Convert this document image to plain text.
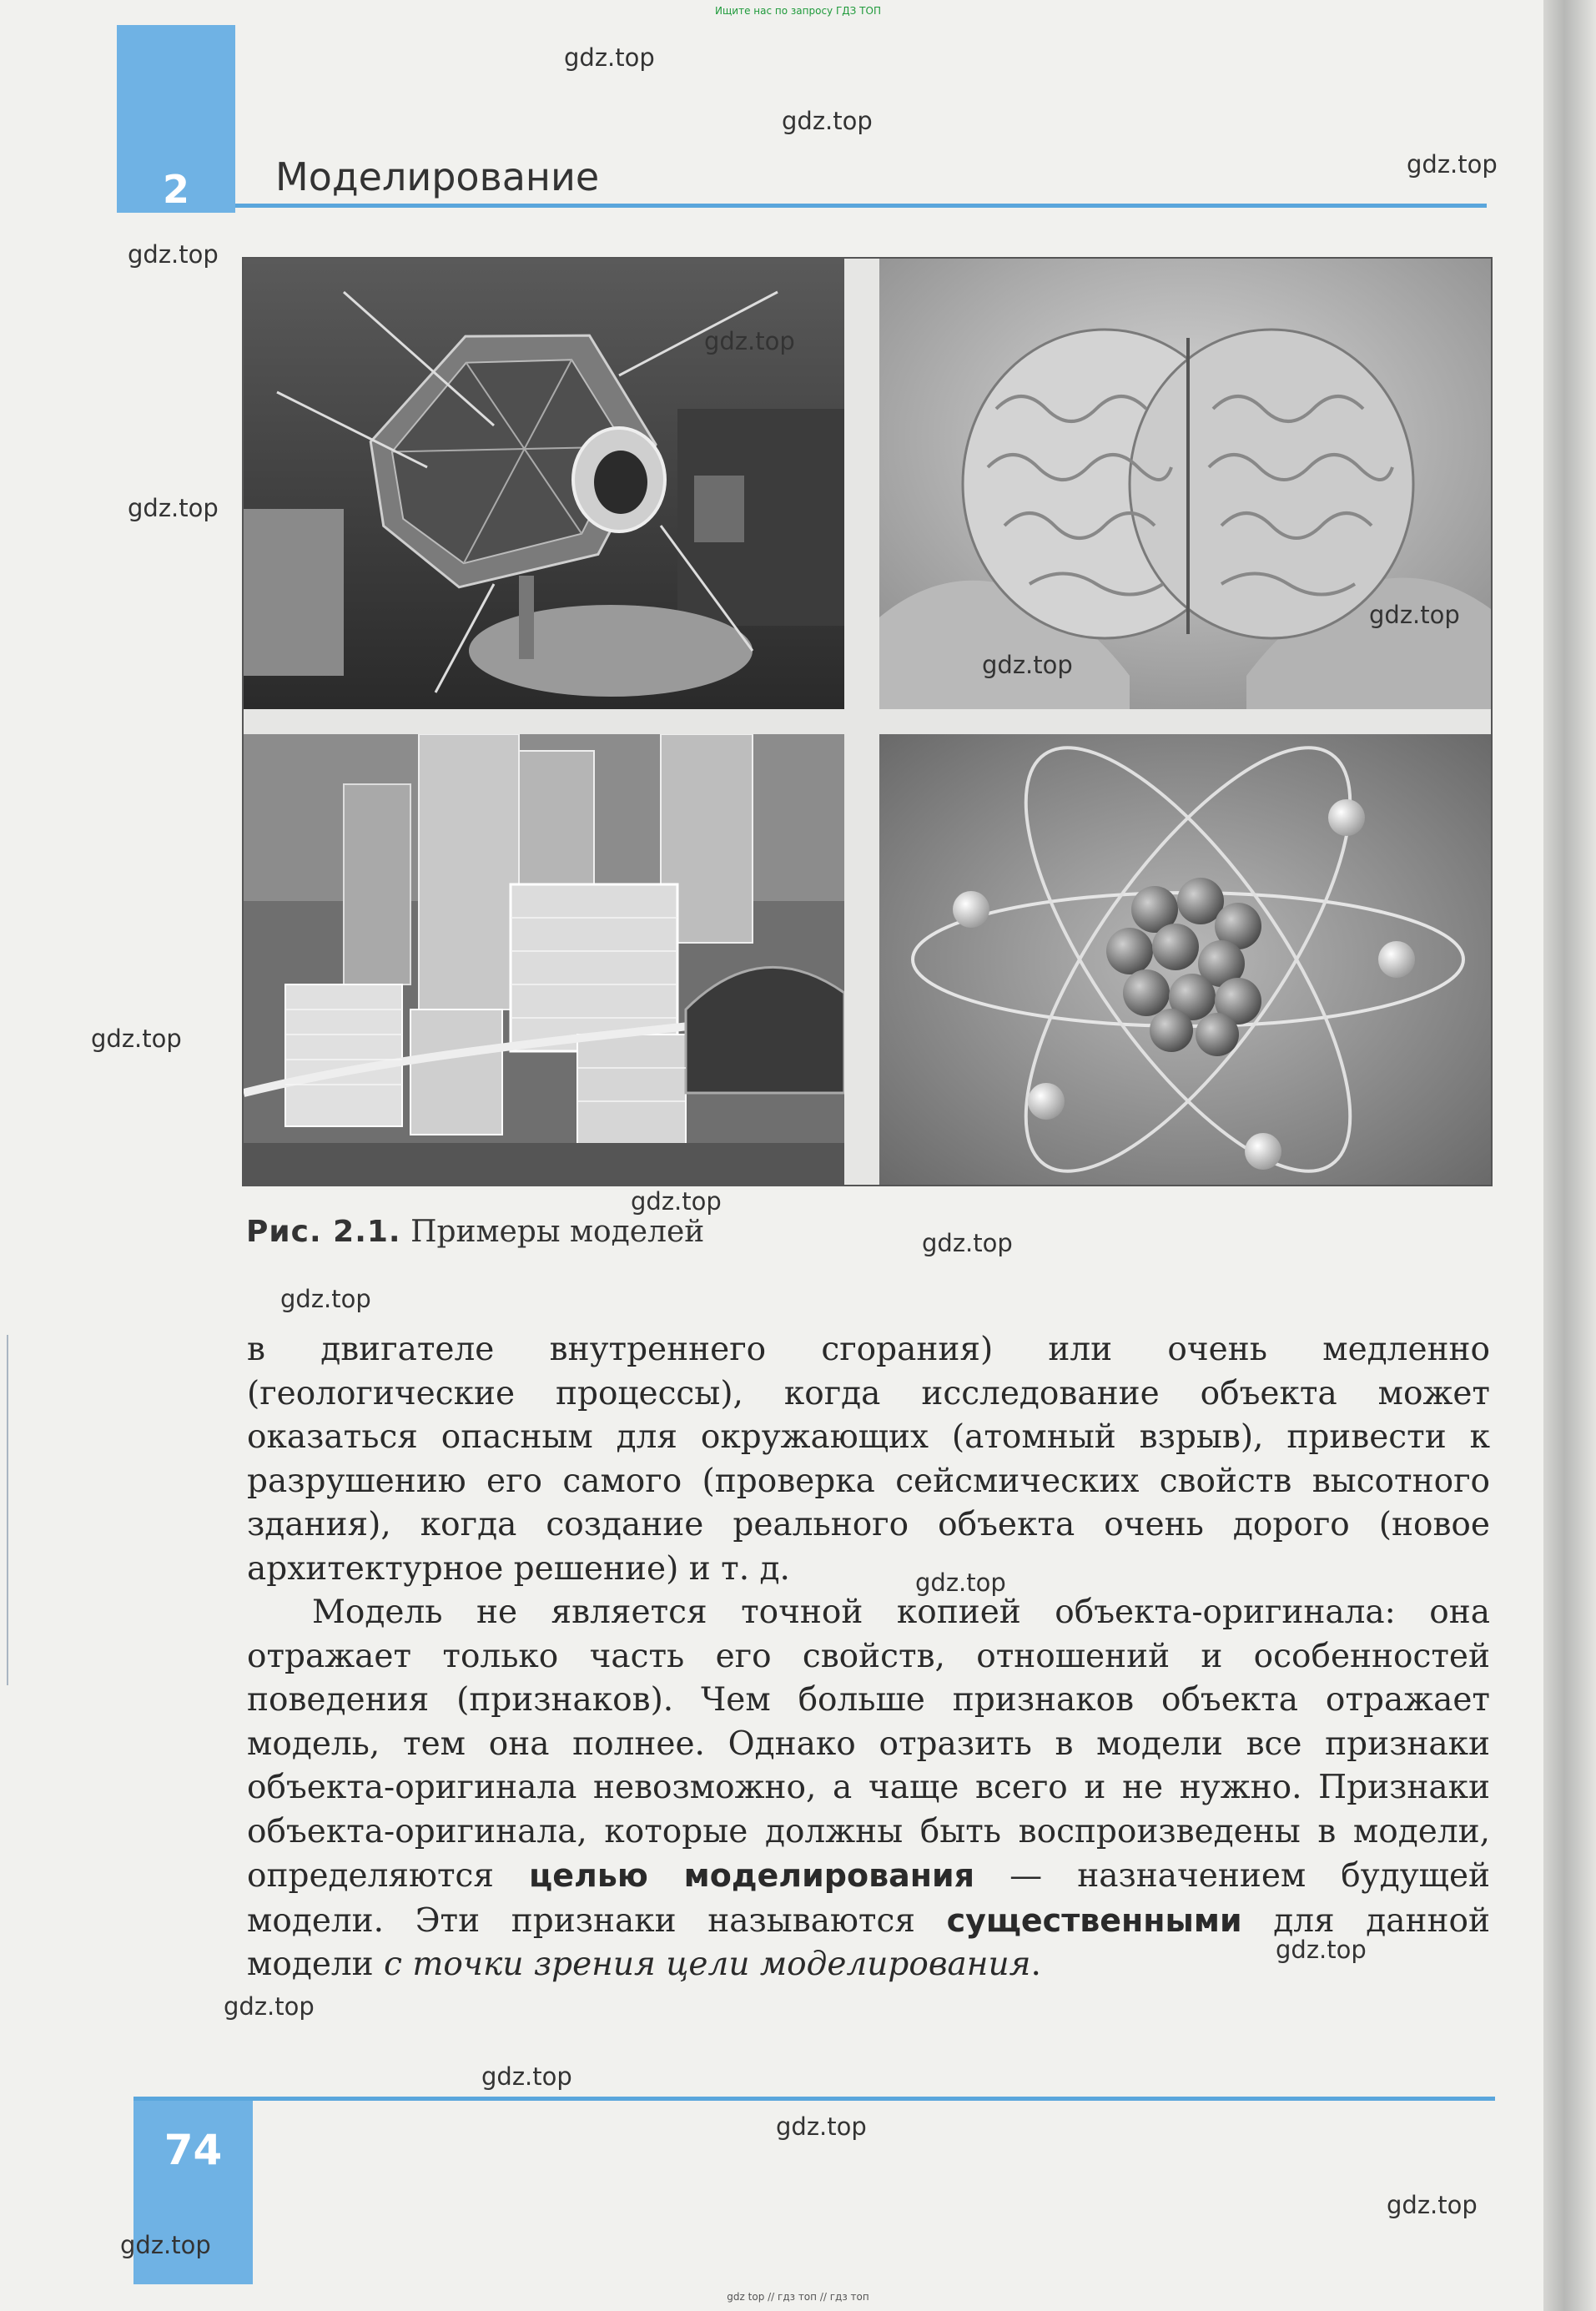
Ищите нас по запросу ГДЗ ТОП
2	Моделирование
Рис. 2.1. Примеры моделей

в двигателе внутреннего сгорания) или очень медленно (геологические процессы), когда исследование объекта может оказаться опасным для окружающих (атомный взрыв), привести к разрушению его самого (проверка сейсмических свойств высотного здания), когда создание реального объекта очень дорого (новое архитектурное решение) и т. д.

Модель не является точной копией объекта-оригинала: она отражает только часть его свойств, отношений и особенностей поведения (признаков). Чем больше признаков объекта отражает модель, тем она полнее. Однако отразить в модели все признаки объекта-оригинала невозможно, а чаще всего и не нужно. Признаки объекта-оригинала, которые должны быть воспроизведены в модели, определяются целью моделирования — назначением будущей модели. Эти признаки называются существенными для данной модели с точки зрения цели моделирования.

74
gdz.top
gdz.top
gdz.top
gdz.top
gdz.top
gdz.top
gdz.top
gdz.top
gdz.top
gdz.top
gdz.top
gdz.top
gdz.top
gdz.top
gdz.top
gdz.top
gdz.top
gdz.top
gdz.top
gdz top // гдз топ // гдз топ
